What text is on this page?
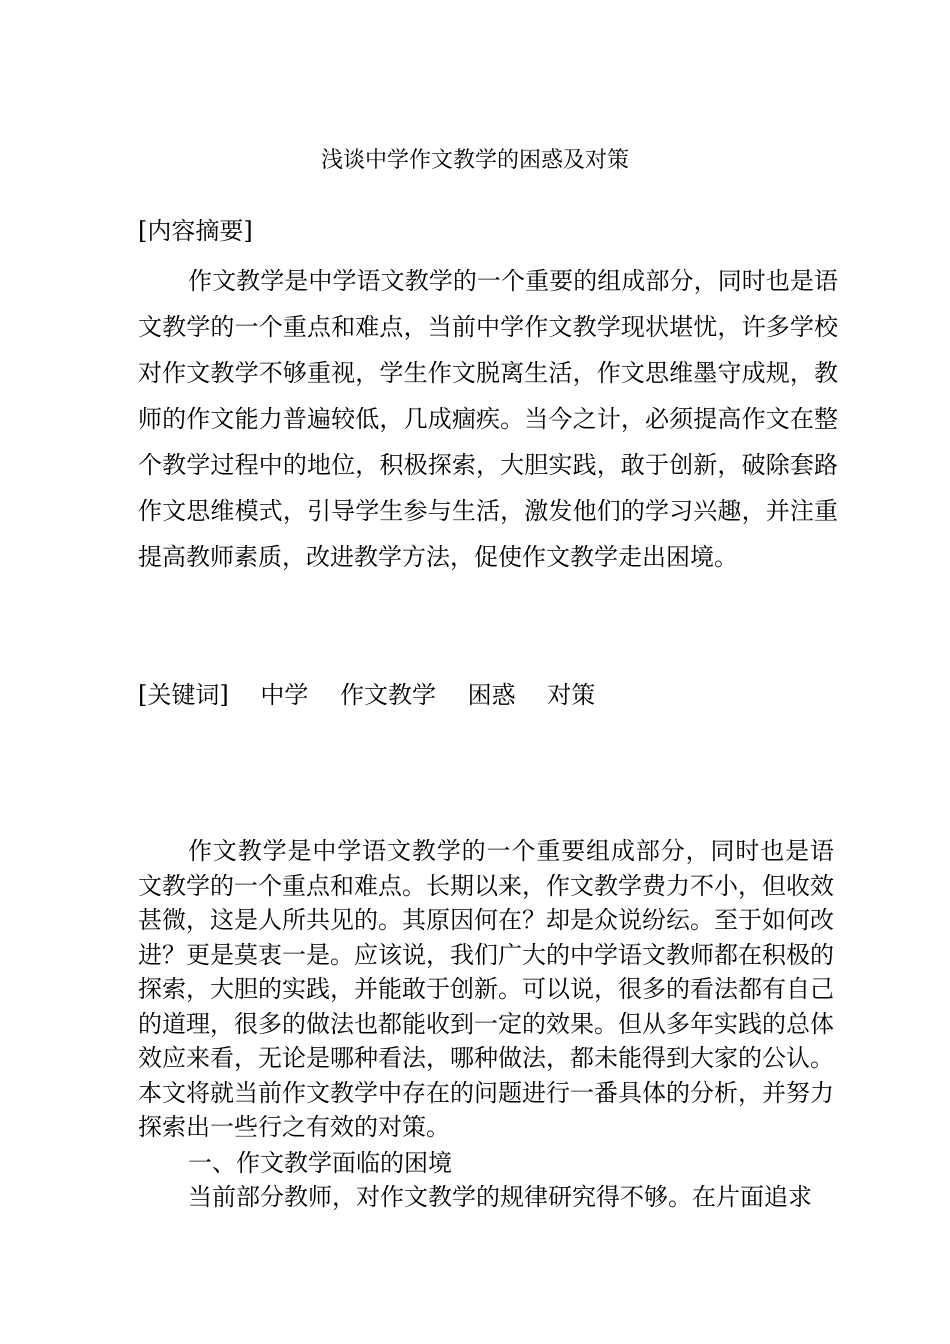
浅谈中学作文教学的困惑及对策

[内容摘要]

作文教学是中学语文教学的一个重要的组成部分，同时也是语文教学的一个重点和难点，当前中学作文教学现状堪忧，许多学校对作文教学不够重视，学生作文脱离生活，作文思维墨守成规，教师的作文能力普遍较低，几成痼疾。当今之计，必须提高作文在整个教学过程中的地位，积极探索，大胆实践，敢于创新，破除套路作文思维模式，引导学生参与生活，激发他们的学习兴趣，并注重提高教师素质，改进教学方法，促使作文教学走出困境。

[关键词] 中学 作文教学 困惑 对策

作文教学是中学语文教学的一个重要组成部分，同时也是语文教学的一个重点和难点。长期以来，作文教学费力不小，但收效甚微，这是人所共见的。其原因何在？却是众说纷纭。至于如何改进？更是莫衷一是。应该说，我们广大的中学语文教师都在积极的探索，大胆的实践，并能敢于创新。可以说，很多的看法都有自己的道理，很多的做法也都能收到一定的效果。但从多年实践的总体效应来看，无论是哪种看法，哪种做法，都未能得到大家的公认。本文将就当前作文教学中存在的问题进行一番具体的分析，并努力探索出一些行之有效的对策。

一、作文教学面临的困境

当前部分教师，对作文教学的规律研究得不够。在片面追求
